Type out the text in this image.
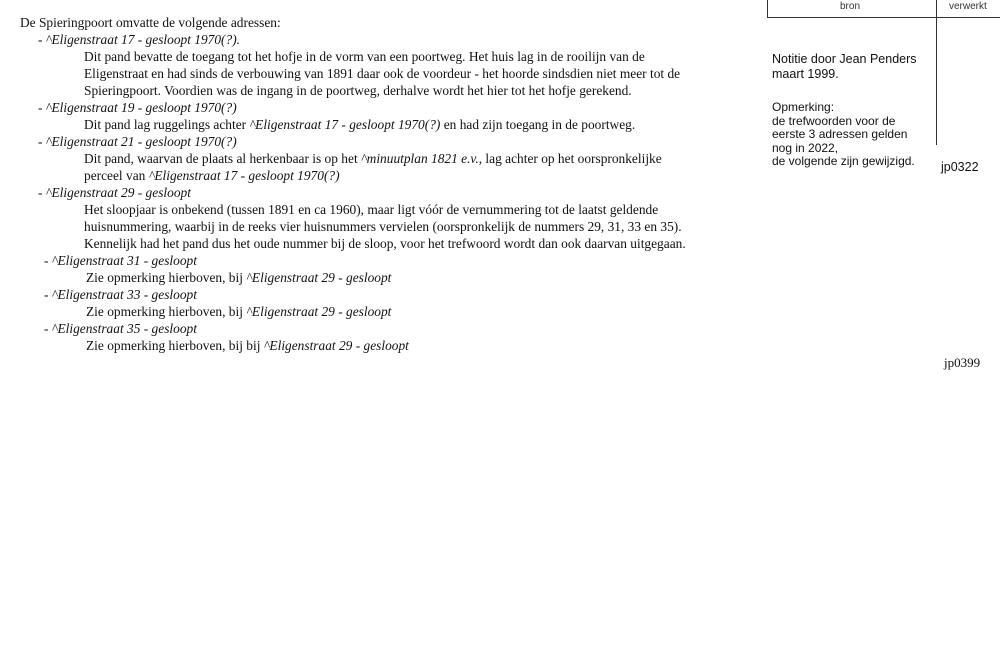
bron	verwerkt
Notitie door Jean Penders
maart 1999.
Opmerking:
de trefwoorden voor de
eerste 3 adressen gelden
nog in 2022,
de volgende zijn gewijzigd. jp0322
jp0399
De Spieringpoort omvatte de volgende adressen:
- ^Eligenstraat 17 - gesloopt 1970(?).
Dit pand bevatte de toegang tot het hofje in de vorm van een poortweg. Het huis lag in de rooilijn van de
Eligenstraat en had sinds de verbouwing van 1891 daar ook de voordeur - het hoorde sindsdien niet meer tot de
Spieringpoort. Voordien was de ingang in de poortweg, derhalve wordt het hier tot het hofje gerekend.
- ^Eligenstraat 19 - gesloopt 1970(?)
Dit pand lag ruggelings achter ^Eligenstraat 17 - gesloopt 1970(?) en had zijn toegang in de poortweg.
- ^Eligenstraat 21 - gesloopt 1970(?)
Dit pand, waarvan de plaats al herkenbaar is op het ^minuutplan 1821 e.v., lag achter op het oorspronkelijke
perceel van ^Eligenstraat 17 - gesloopt 1970(?)
- ^Eligenstraat 29 - gesloopt
Het sloopjaar is onbekend (tussen 1891 en ca 1960), maar ligt vóór de vernummering tot de laatst geldende
huisnummering, waarbij in de reeks vier huisnummers vervielen (oorspronkelijk de nummers 29, 31, 33 en 35).
Kennelijk had het pand dus het oude nummer bij de sloop, voor het trefwoord wordt dan ook daarvan uitgegaan.
- ^Eligenstraat 31 - gesloopt
Zie opmerking hierboven, bij ^Eligenstraat 29 - gesloopt
- ^Eligenstraat 33 - gesloopt
Zie opmerking hierboven, bij ^Eligenstraat 29 - gesloopt
- ^Eligenstraat 35 - gesloopt
Zie opmerking hierboven, bij bij ^Eligenstraat 29 - gesloopt
